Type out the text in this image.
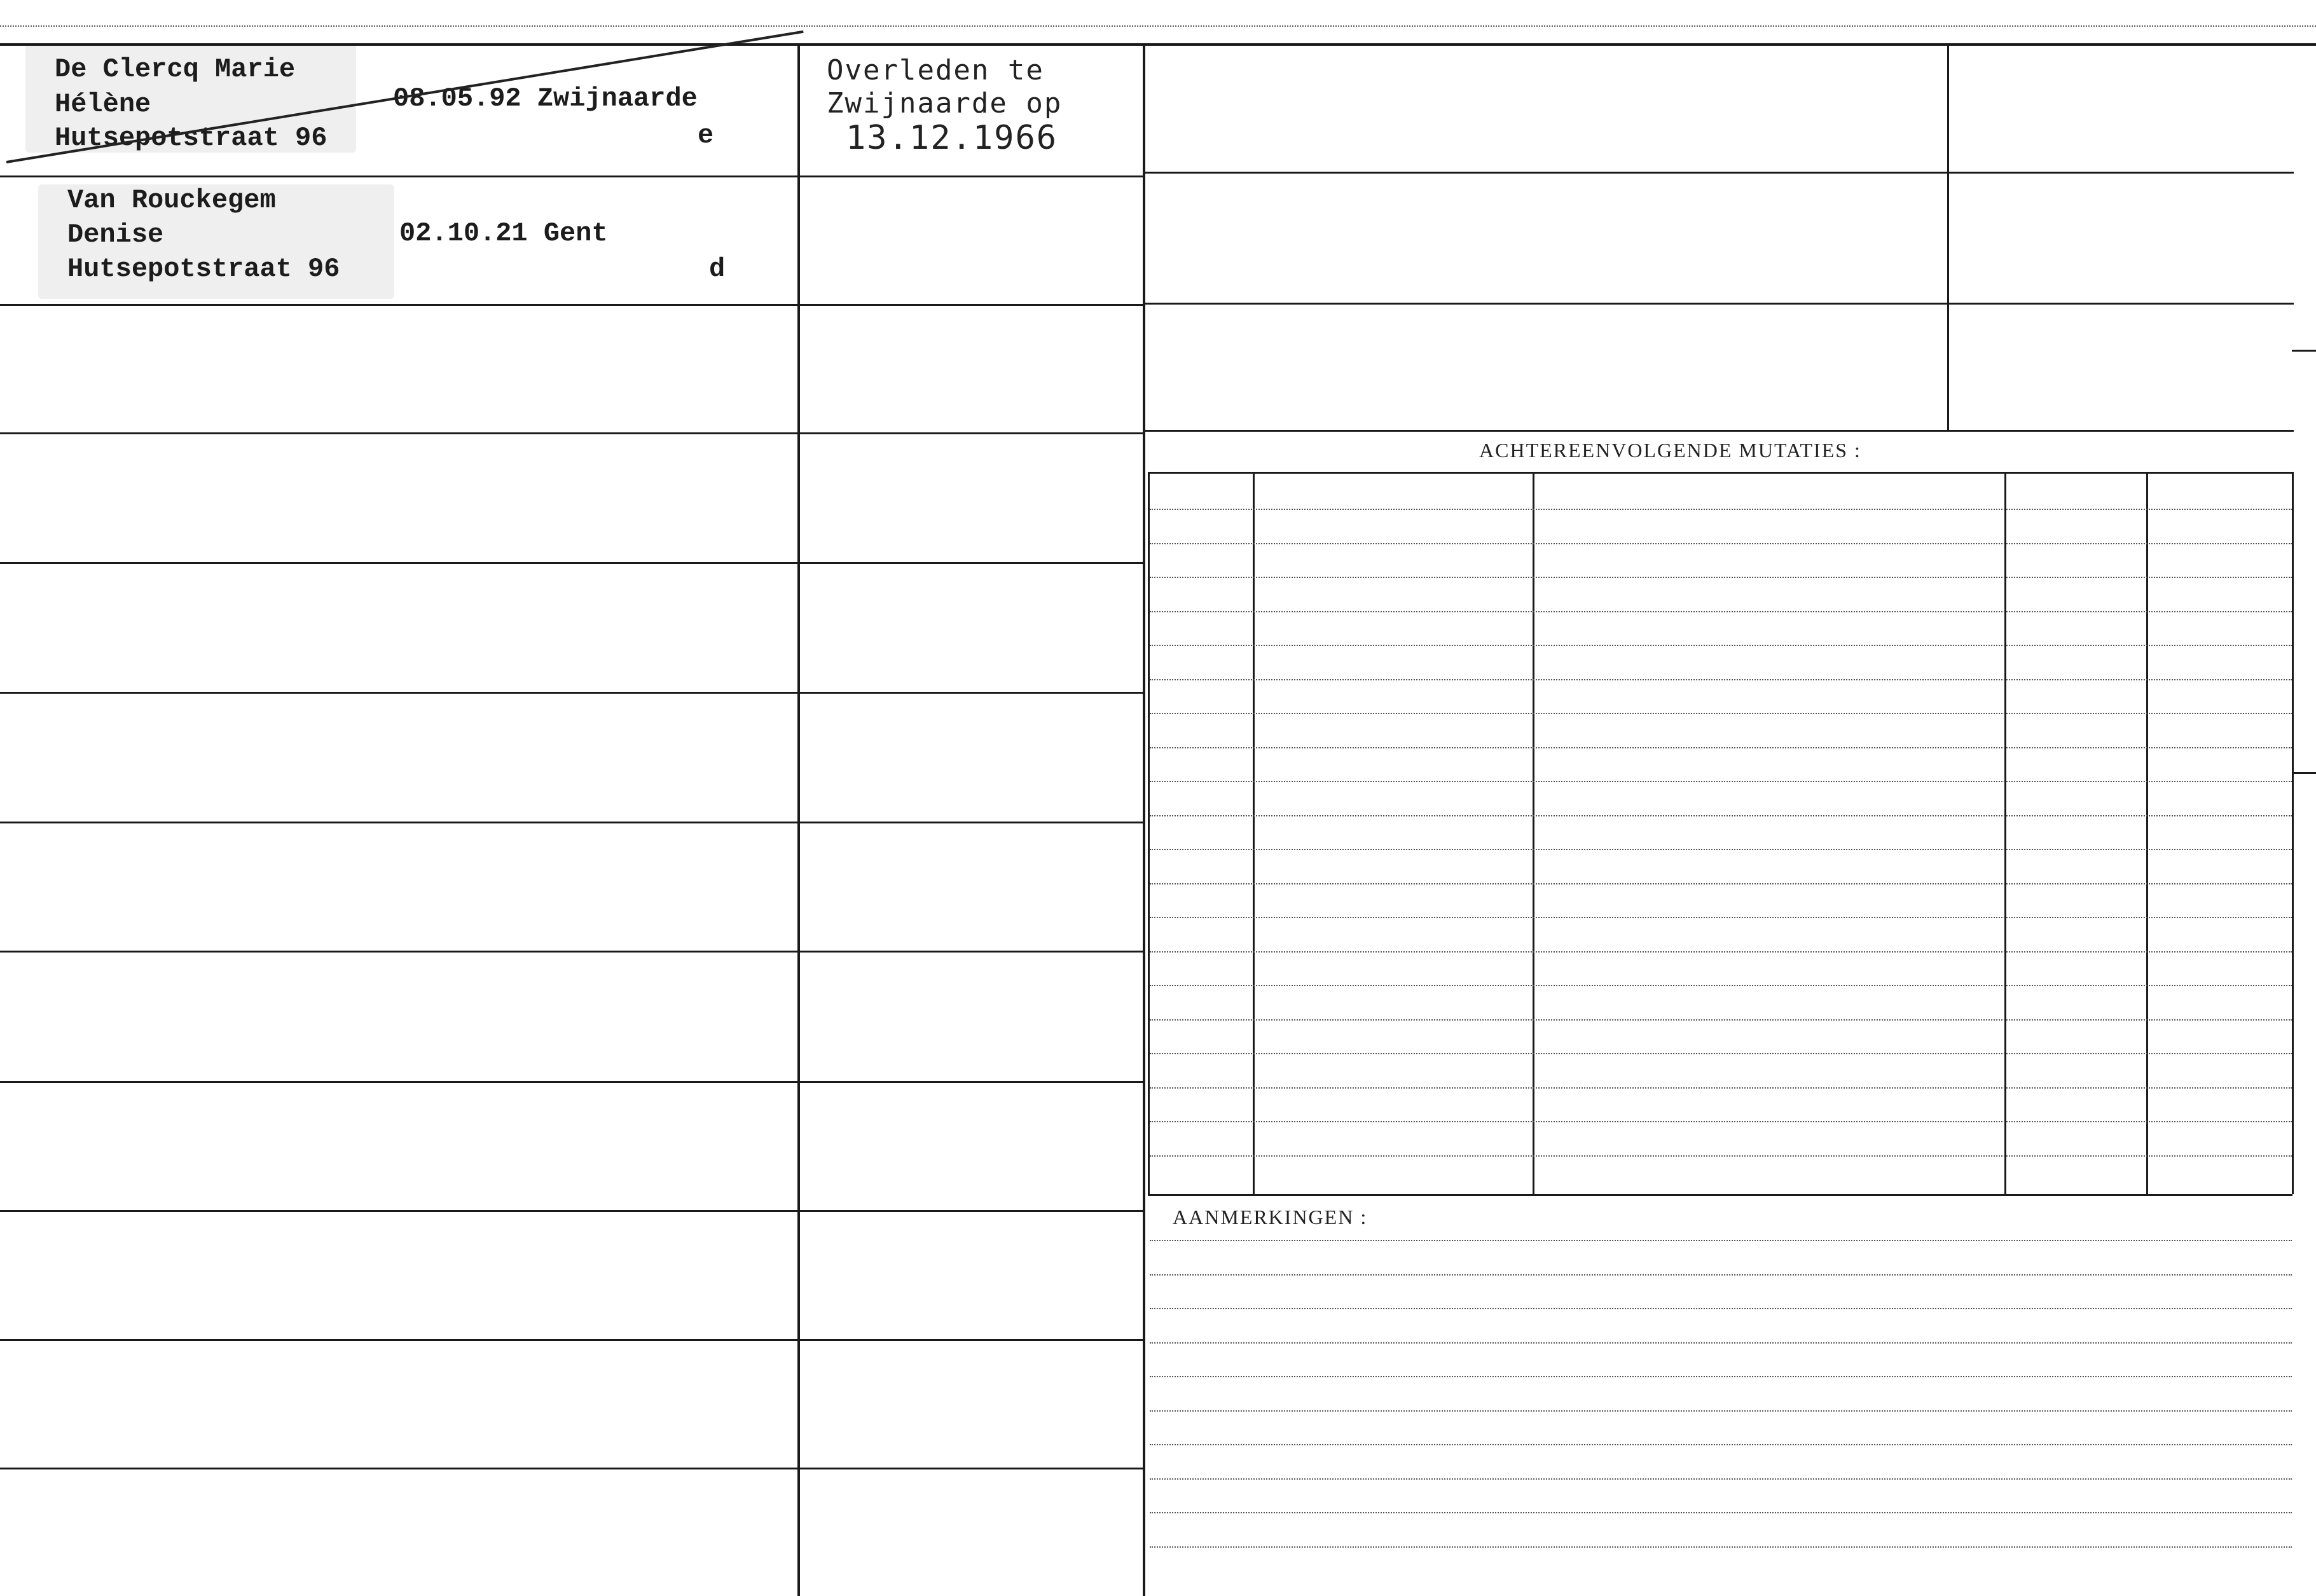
De Clercq Marie
Hélène	08.05.92 Zwijnaarde
Hutsepotstraat 96	e
Overleden te
Zwijnaarde op
13.12.1966
Van Rouckegem
Denise	02.10.21 Gent
Hutsepotstraat 96	d
ACHTEREENVOLGENDE MUTATIES :
AANMERKINGEN :
